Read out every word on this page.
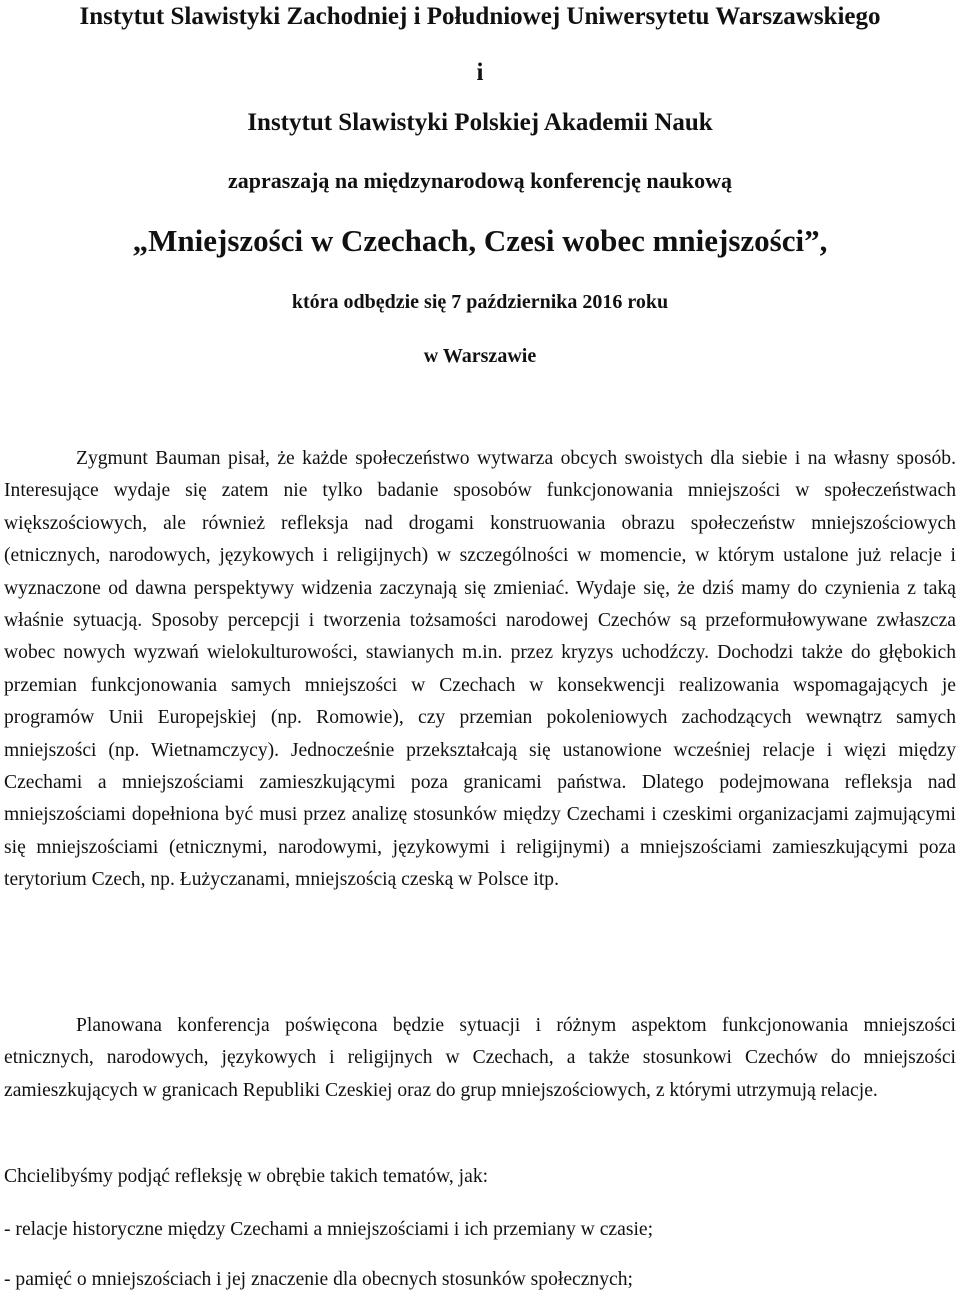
Instytut Slawistyki Zachodniej i Południowej Uniwersytetu Warszawskiego
i
Instytut Slawistyki Polskiej Akademii Nauk
zapraszają na międzynarodową konferencję naukową
„Mniejszości w Czechach, Czesi wobec mniejszości”,
która odbędzie się 7 października 2016 roku
w Warszawie

Zygmunt Bauman pisał, że każde społeczeństwo wytwarza obcych swoistych dla siebie i na własny sposób. Interesujące wydaje się zatem nie tylko badanie sposobów funkcjonowania mniejszości w społeczeństwach większościowych, ale również refleksja nad drogami konstruowania obrazu społeczeństw mniejszościowych (etnicznych, narodowych, językowych i religijnych) w szczególności w momencie, w którym ustalone już relacje i wyznaczone od dawna perspektywy widzenia zaczynają się zmieniać. Wydaje się, że dziś mamy do czynienia z taką właśnie sytuacją. Sposoby percepcji i tworzenia tożsamości narodowej Czechów są przeformułowywane zwłaszcza wobec nowych wyzwań wielokulturowości, stawianych m.in. przez kryzys uchodźczy. Dochodzi także do głębokich przemian funkcjonowania samych mniejszości w Czechach w konsekwencji realizowania wspomagających je programów Unii Europejskiej (np. Romowie), czy przemian pokoleniowych zachodzących wewnątrz samych mniejszości (np. Wietnamczycy). Jednocześnie przekształcają się ustanowione wcześniej relacje i więzi między Czechami a mniejszościami zamieszkującymi poza granicami państwa. Dlatego podejmowana refleksja nad mniejszościami dopełniona być musi przez analizę stosunków między Czechami i czeskimi organizacjami zajmującymi się mniejszościami (etnicznymi, narodowymi, językowymi i religijnymi) a mniejszościami zamieszkującymi poza terytorium Czech, np. Łużyczanami, mniejszością czeską w Polsce itp.

Planowana konferencja poświęcona będzie sytuacji i różnym aspektom funkcjonowania mniejszości etnicznych, narodowych, językowych i religijnych w Czechach, a także stosunkowi Czechów do mniejszości zamieszkujących w granicach Republiki Czeskiej oraz do grup mniejszościowych, z którymi utrzymują relacje.

Chcielibyśmy podjąć refleksję w obrębie takich tematów, jak:

- relacje historyczne między Czechami a mniejszościami i ich przemiany w czasie;

- pamięć o mniejszościach i jej znaczenie dla obecnych stosunków społecznych;
